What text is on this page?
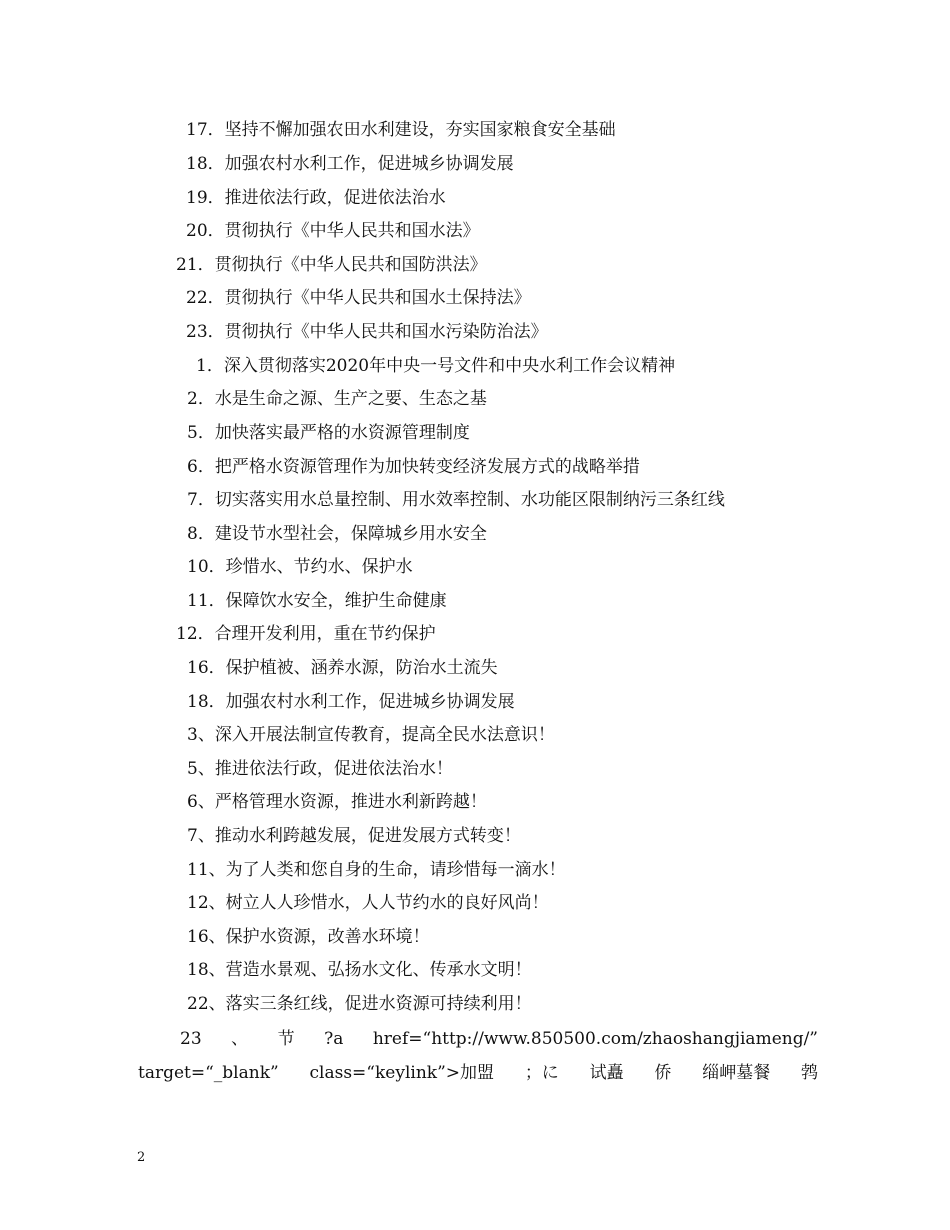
17．坚持不懈加强农田水利建设，夯实国家粮食安全基础
18．加强农村水利工作，促进城乡协调发展
19．推进依法行政，促进依法治水
20．贯彻执行《中华人民共和国水法》
21．贯彻执行《中华人民共和国防洪法》
22．贯彻执行《中华人民共和国水土保持法》
23．贯彻执行《中华人民共和国水污染防治法》
1．深入贯彻落实2020年中央一号文件和中央水利工作会议精神
2．水是生命之源、生产之要、生态之基
5．加快落实最严格的水资源管理制度
6．把严格水资源管理作为加快转变经济发展方式的战略举措
7．切实落实用水总量控制、用水效率控制、水功能区限制纳污三条红线
8．建设节水型社会，保障城乡用水安全
10．珍惜水、节约水、保护水
11．保障饮水安全，维护生命健康
12．合理开发利用，重在节约保护
16．保护植被、涵养水源，防治水土流失
18．加强农村水利工作，促进城乡协调发展
3、深入开展法制宣传教育，提高全民水法意识！
5、推进依法行政，促进依法治水！
6、严格管理水资源，推进水利新跨越！
7、推动水利跨越发展，促进发展方式转变！
11、为了人类和您自身的生命，请珍惜每一滴水！
12、树立人人珍惜水，人人节约水的良好风尚！
16、保护水资源，改善水环境！
18、营造水景观、弘扬水文化、传承水文明！
22、落实三条红线，促进水资源可持续利用！
23 、 节 ?a href=“http://www.850500.com/zhaoshangjiameng/”
target=“_blank” class=“keylink”>加盟 ；に 试矗 侨 缁岬墓餐 鹁
2
